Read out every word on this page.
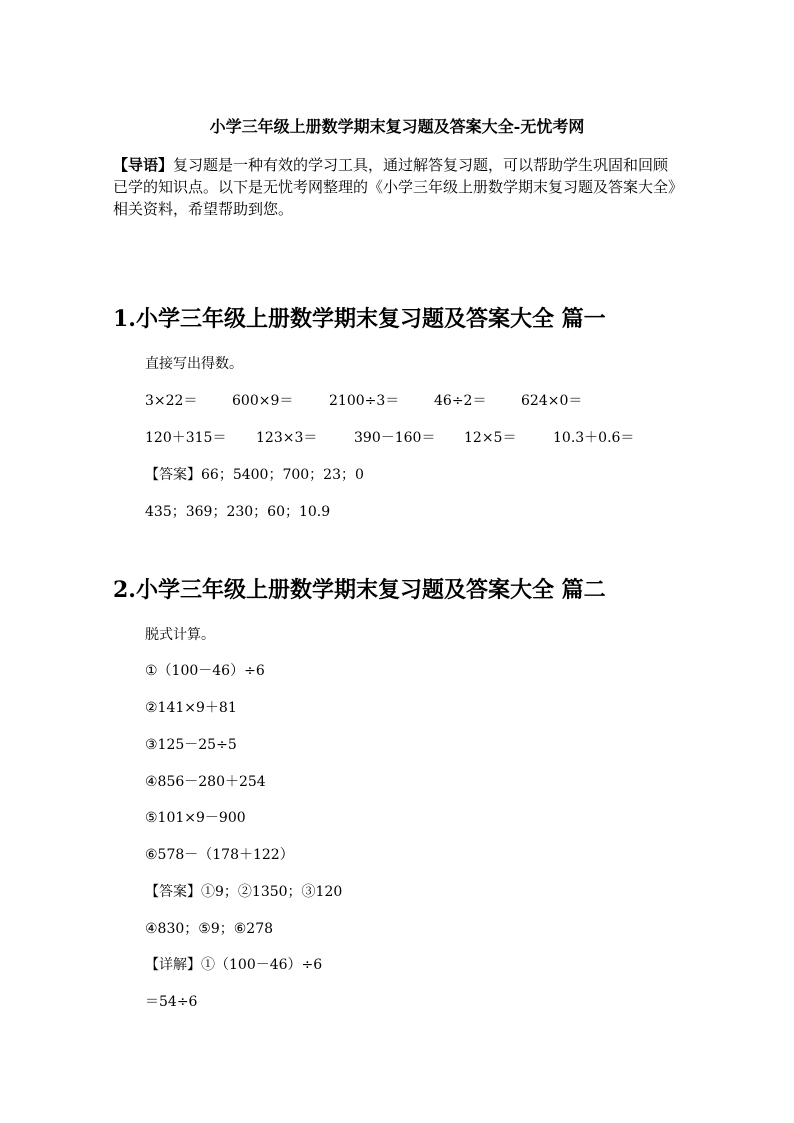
小学三年级上册数学期末复习题及答案大全-无忧考网
【导语】复习题是一种有效的学习工具，通过解答复习题，可以帮助学生巩固和回顾已学的知识点。以下是无忧考网整理的《小学三年级上册数学期末复习题及答案大全》相关资料，希望帮助到您。
1.小学三年级上册数学期末复习题及答案大全 篇一
直接写出得数。
3×22＝ 600×9＝	2100÷3＝ 46÷2＝ 624×0＝
120＋315＝ 123×3＝	390－160＝ 12×5＝	10.3＋0.6＝
【答案】66；5400；700；23；0
435；369；230；60；10.9
2.小学三年级上册数学期末复习题及答案大全 篇二
脱式计算。
①（100－46）÷6
②141×9＋81
③125－25÷5
④856－280＋254
⑤101×9－900
⑥578－（178＋122）
【答案】①9；②1350；③120
④830；⑤9；⑥278
【详解】①（100－46）÷6
＝54÷6
